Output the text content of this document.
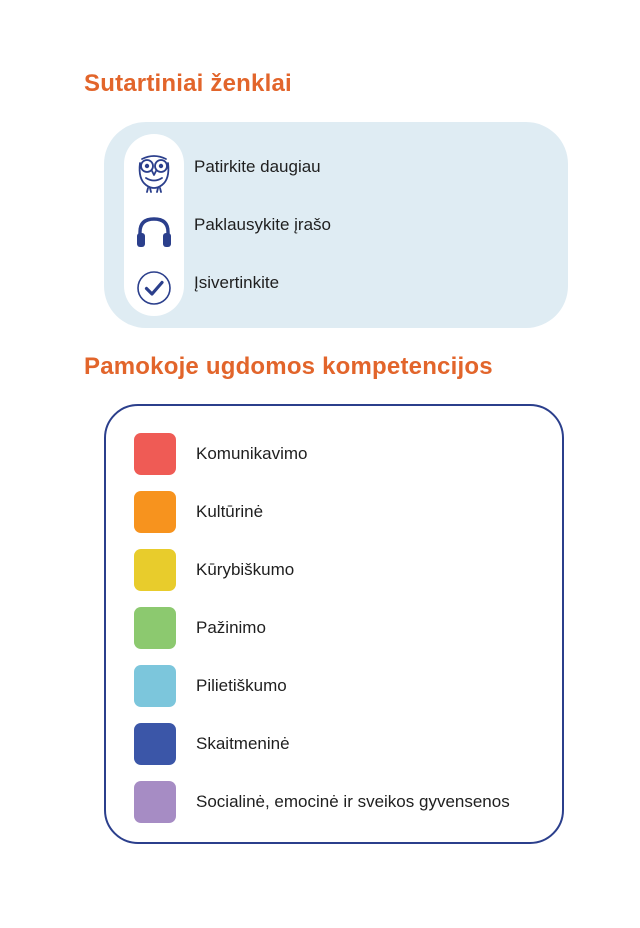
Sutartiniai ženklai
Patirkite daugiau
Paklausykite įrašo
Įsivertinkite
Pamokoje ugdomos kompetencijos
Komunikavimo
Kultūrinė
Kūrybiškumo
Pažinimo
Pilietiškumo
Skaitmeninė
Socialinė, emocinė ir sveikos gyvensenos
